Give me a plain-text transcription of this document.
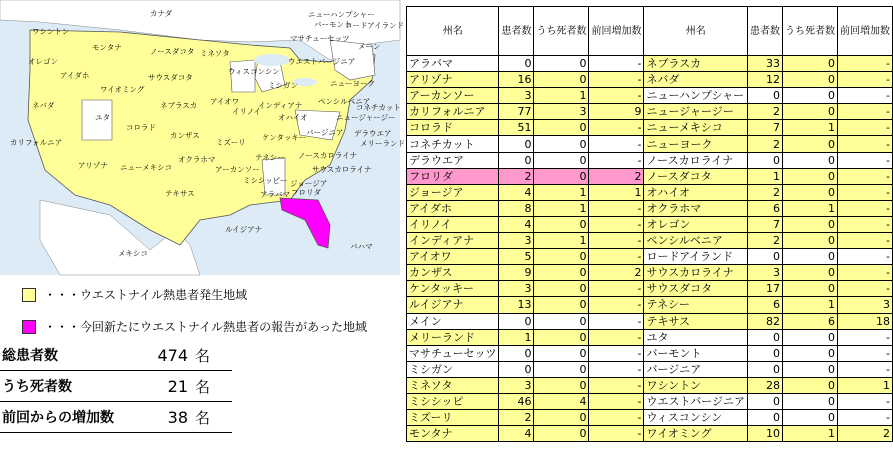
カナダ
ワシントン
モンタナ	ノースダコタ ミネソタ
オレゴン
アイダホ
ワイオミング
サウスダコタ
ネバダ
ユタ
コロラド
ネブラスカ
カンザス
アイオワ
カリフォルニア
アリゾナ ニューメキシコ
オクラホマ
テキサス
ミズーリ
アーカンソー
ルイジアナ
イリノイ
インディアナ
ウィスコンシン
ミシガン
オハイオ
ケンタッキー
テネシー
ミシシッピー
アラバマ
ジョージア
フロリダ
サウスカロライナ
ノースカロライナ
バージニア
ウエストバージニア
ペンシルベニア
ニューヨーク
メリーランド
デラウエア
ニュージャージー
コネチカット
ロードアイランド
ニューハンプシャー
バーモント
マサチューセッツ
メーン
バハマ
メキシコ
・・・ウエストナイル熱患者発生地域
・・・今回新たにウエストナイル熱患者の報告があった地域
総患者数	474 名
うち死者数	21 名
前回からの増加数	38 名
州名	患者数	うち死者数	前回増加数	州名	患者数	うち死者数	前回増加数
アラバマ	0	0	-	ネブラスカ	33	0	-
アリゾナ	16	0	-	ネバダ	12	0	-
アーカンソー	3	1	-	ニューハンプシャー	0	0	-
カリフォルニア	77	3	9	ニュージャージー	2	0	-
コロラド	51	0	-	ニューメキシコ	7	1	-
コネチカット	0	0	-	ニューヨーク	2	0	-
デラウエア	0	0	-	ノースカロライナ	0	0	-
フロリダ	2	0	2	ノースダコタ	1	0	-
ジョージア	4	1	1	オハイオ	2	0	-
アイダホ	8	1	-	オクラホマ	6	1	-
イリノイ	4	0	-	オレゴン	7	0	-
インディアナ	3	1	-	ペンシルベニア	2	0	-
アイオワ	5	0	-	ロードアイランド	0	0	-
カンザス	9	0	2	サウスカロライナ	3	0	-
ケンタッキー	3	0	-	サウスダコタ	17	0	-
ルイジアナ	13	0	-	テネシー	6	1	3
メイン	0	0	-	テキサス	82	6	18
メリーランド	1	0	-	ユタ	0	0	-
マサチューセッツ	0	0	-	バーモント	0	0	-
ミシガン	0	0	-	バージニア	0	0	-
ミネソタ	3	0	-	ワシントン	28	0	1
ミシシッピ	46	4	-	ウエストバージニア	0	0	-
ミズーリ	2	0	-	ウィスコンシン	0	0	-
モンタナ	4	0	-	ワイオミング	10	1	2
